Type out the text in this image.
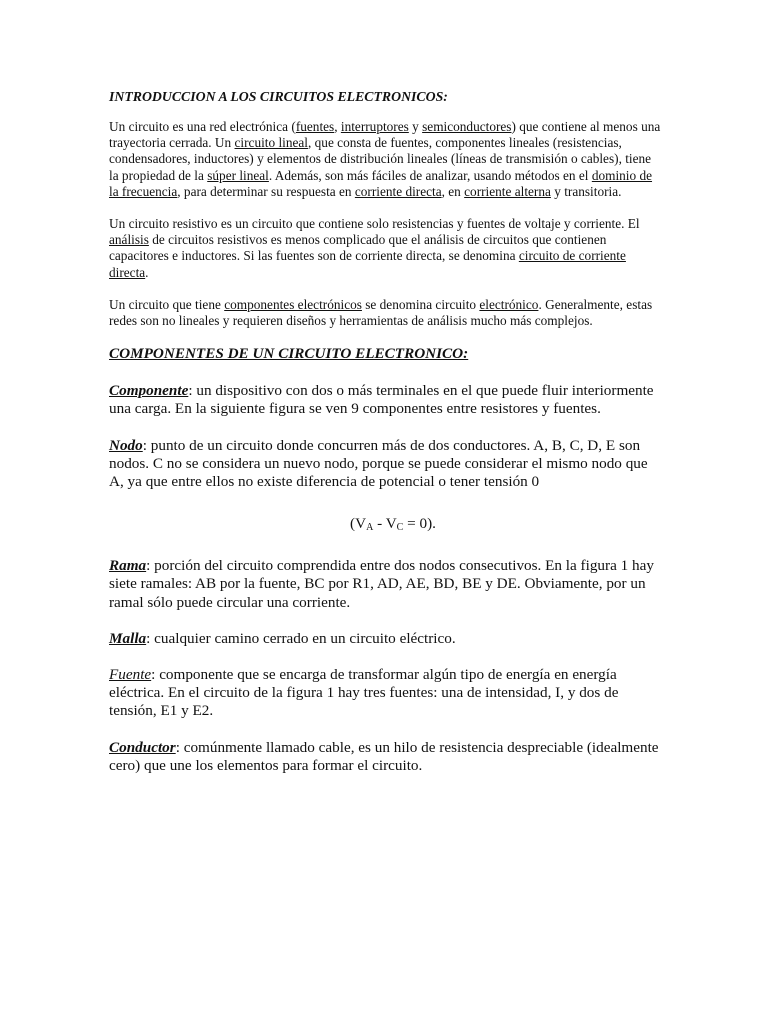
INTRODUCCION A LOS CIRCUITOS ELECTRONICOS:

Un circuito es una red electrónica (fuentes, interruptores y semiconductores) que contiene al menos una trayectoria cerrada. Un circuito lineal, que consta de fuentes, componentes lineales (resistencias, condensadores, inductores) y elementos de distribución lineales (líneas de transmisión o cables), tiene la propiedad de la súper lineal. Además, son más fáciles de analizar, usando métodos en el dominio de la frecuencia, para determinar su respuesta en corriente directa, en corriente alterna y transitoria.

Un circuito resistivo es un circuito que contiene solo resistencias y fuentes de voltaje y corriente. El análisis de circuitos resistivos es menos complicado que el análisis de circuitos que contienen capacitores e inductores. Si las fuentes son de corriente directa, se denomina circuito de corriente directa.

Un circuito que tiene componentes electrónicos se denomina circuito electrónico. Generalmente, estas redes son no lineales y requieren diseños y herramientas de análisis mucho más complejos.

COMPONENTES DE UN CIRCUITO ELECTRONICO:

Componente: un dispositivo con dos o más terminales en el que puede fluir interiormente una carga. En la siguiente figura se ven 9 componentes entre resistores y fuentes.

Nodo: punto de un circuito donde concurren más de dos conductores. A, B, C, D, E son nodos. C no se considera un nuevo nodo, porque se puede considerar el mismo nodo que A, ya que entre ellos no existe diferencia de potencial o tener tensión 0

$(V_A - V_C = 0)$.

Rama: porción del circuito comprendida entre dos nodos consecutivos. En la figura 1 hay siete ramales: AB por la fuente, BC por R1, AD, AE, BD, BE y DE. Obviamente, por un ramal sólo puede circular una corriente.

Malla: cualquier camino cerrado en un circuito eléctrico.

Fuente: componente que se encarga de transformar algún tipo de energía en energía eléctrica. En el circuito de la figura 1 hay tres fuentes: una de intensidad, I, y dos de tensión, E1 y E2.

Conductor: comúnmente llamado cable, es un hilo de resistencia despreciable (idealmente cero) que une los elementos para formar el circuito.
